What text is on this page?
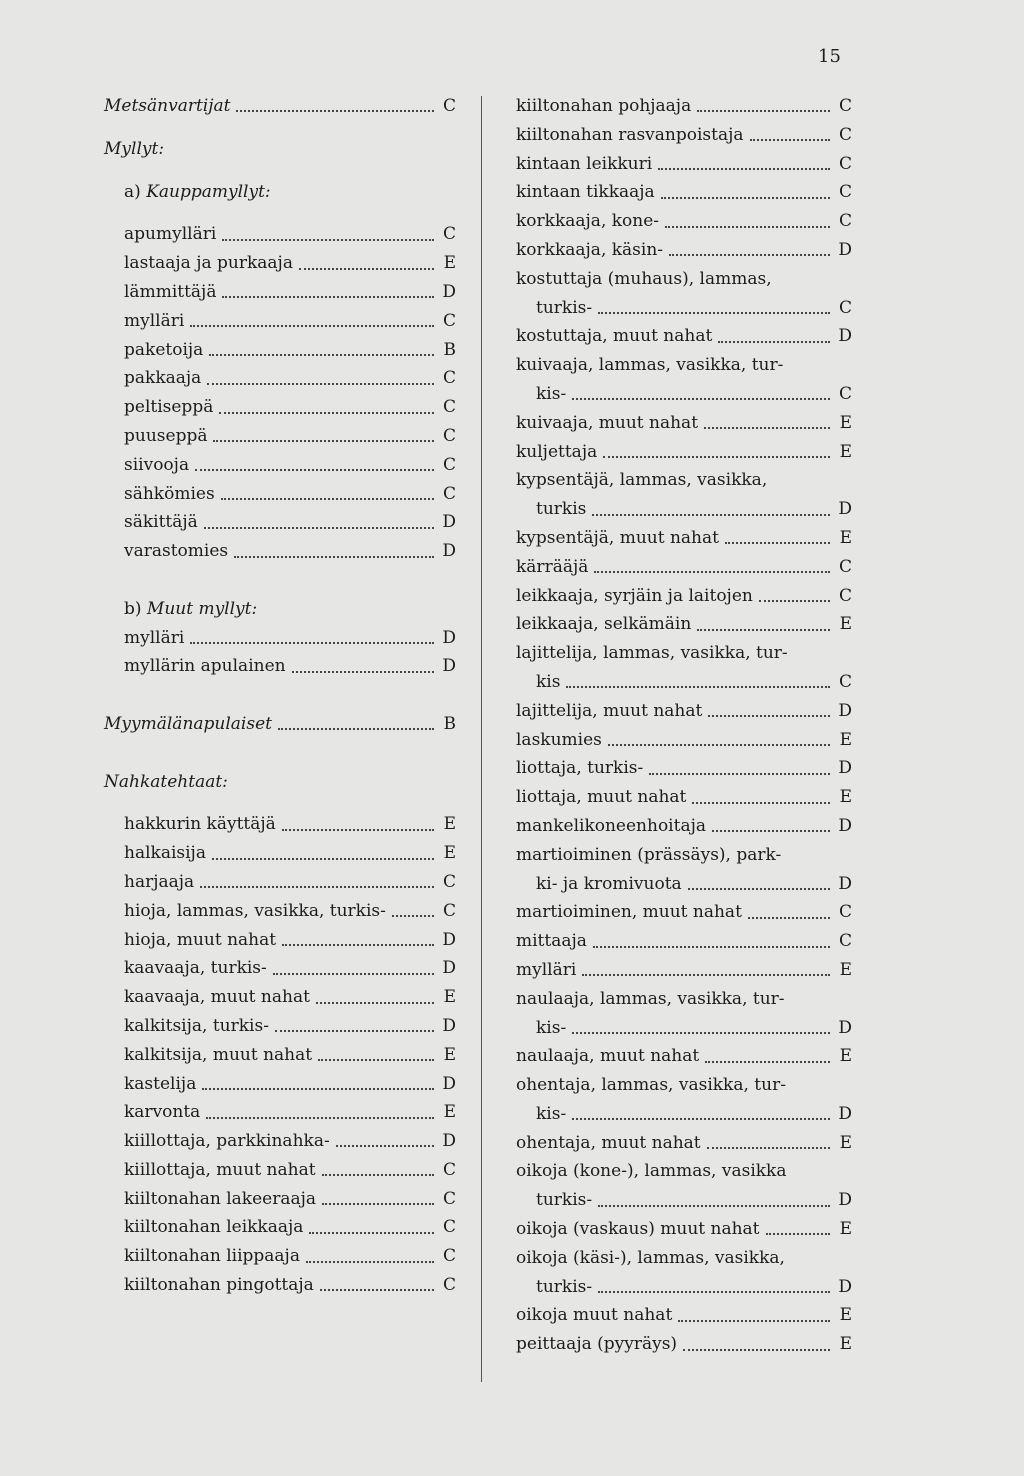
15
Metsänvartijat	C
Myllyt:
a) Kauppamyllyt:
apumylläri	C
lastaaja ja purkaaja	E
lämmittäjä	D
mylläri	C
paketoija	B
pakkaaja	C
peltiseppä	C
puuseppä	C
siivooja	C
sähkömies	C
säkittäjä	D
varastomies	D
b) Muut myllyt:
mylläri	D
myllärin apulainen	D
Myymälänapulaiset	B
Nahkatehtaat:
hakkurin käyttäjä	E
halkaisija	E
harjaaja	C
hioja, lammas, vasikka, turkis-	C
hioja, muut nahat	D
kaavaaja, turkis-	D
kaavaaja, muut nahat	E
kalkitsija, turkis-	D
kalkitsija, muut nahat	E
kastelija	D
karvonta	E
kiillottaja, parkkinahka-	D
kiillottaja, muut nahat	C
kiiltonahan lakeeraaja	C
kiiltonahan leikkaaja	C
kiiltonahan liippaaja	C
kiiltonahan pingottaja	C
kiiltonahan pohjaaja	C
kiiltonahan rasvanpoistaja	C
kintaan leikkuri	C
kintaan tikkaaja	C
korkkaaja, kone-	C
korkkaaja, käsin-	D
kostuttaja (muhaus), lammas,
turkis-	C
kostuttaja, muut nahat	D
kuivaaja, lammas, vasikka, tur-
kis-	C
kuivaaja, muut nahat	E
kuljettaja	E
kypsentäjä, lammas, vasikka,
turkis	D
kypsentäjä, muut nahat	E
kärrääjä	C
leikkaaja, syrjäin ja laitojen	C
leikkaaja, selkämäin	E
lajittelija, lammas, vasikka, tur-
kis	C
lajittelija, muut nahat	D
laskumies	E
liottaja, turkis-	D
liottaja, muut nahat	E
mankelikoneenhoitaja	D
martioiminen (prässäys), park-
ki- ja kromivuota	D
martioiminen, muut nahat	C
mittaaja	C
mylläri	E
naulaaja, lammas, vasikka, tur-
kis-	D
naulaaja, muut nahat	E
ohentaja, lammas, vasikka, tur-
kis-	D
ohentaja, muut nahat	E
oikoja (kone-), lammas, vasikka
turkis-	D
oikoja (vaskaus) muut nahat	E
oikoja (käsi-), lammas, vasikka,
turkis-	D
oikoja muut nahat	E
peittaaja (pyyräys)	E
